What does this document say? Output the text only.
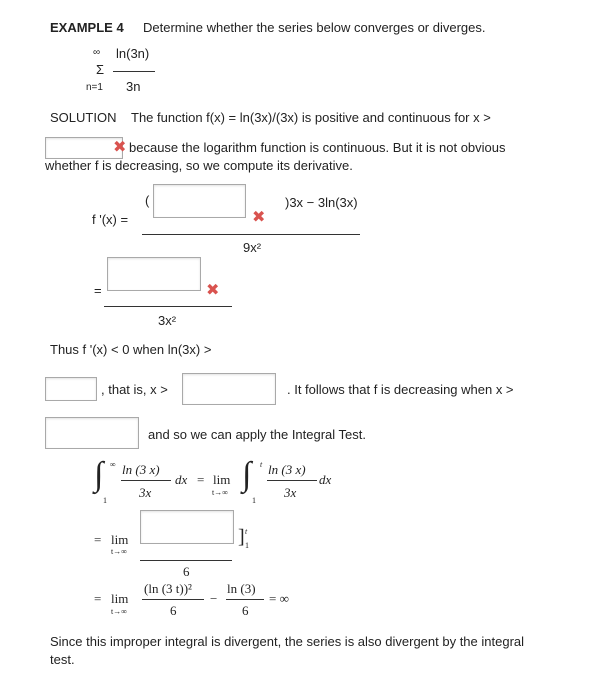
EXAMPLE 4 Determine whether the series below converges or diverges.
∞ ln(3n)
Σ
n=1 3n
SOLUTION The function f(x) = ln(3x)/(3x) is positive and continuous for x >
✖ because the logarithm function is continuous. But it is not obvious
whether f is decreasing, so we compute its derivative.
f '(x) =
(
✖
)3x − 3ln(3x)
9x²
=	✖
3x²
Thus f '(x) < 0 when ln(3x) >
, that is, x >	. It follows that f is decreasing when x >
and so we can apply the Integral Test.
∫ ∞
1
ln (3 x)
3x
dx = lim
t→∞ ∫ t
1
ln (3 x)
3x
dx
= lim
t→∞
] t
1
6
= lim
t→∞
(ln (3 t))²
6
−
ln (3)
6
= ∞
Since this improper integral is divergent, the series is also divergent by the integral
test.
